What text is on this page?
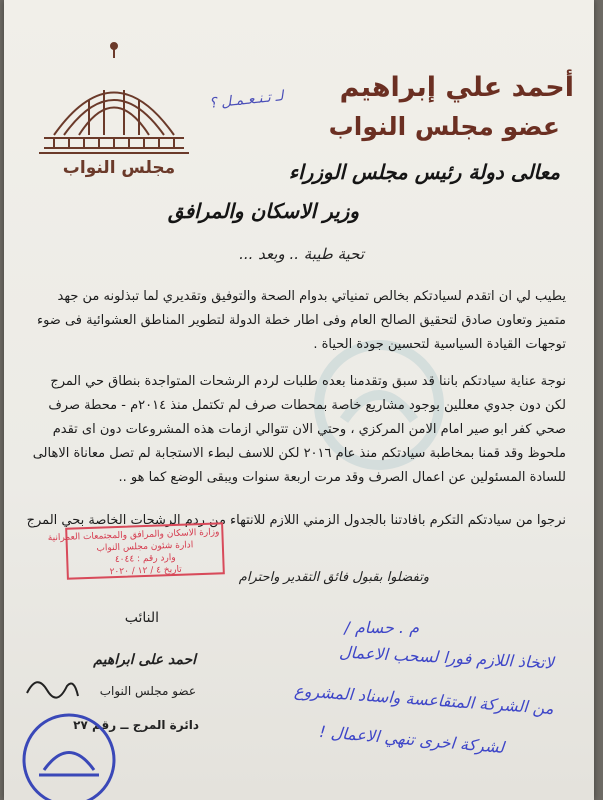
مجلس النواب
لـ تـنـعـمـل ؟ أحمد علي إبراهيم
عضو مجلس النواب
معالى دولة رئيس مجلس الوزراء
وزير الاسكان والمرافق
تحية طيبة .. وبعد ...
يطيب لي ان اتقدم لسيادتكم بخالص تمنياتي بدوام الصحة والتوفيق وتقديري لما تبذلونه من جهد متميز وتعاون صادق لتحقيق الصالح العام وفى اطار خطة الدولة لتطوير المناطق العشوائية فى ضوء توجهات القيادة السياسية لتحسين جودة الحياة .
نوجة عناية سيادتكم باننا قد سبق وتقدمنا بعده طلبات لردم الرشحات المتواجدة بنطاق حي المرج لكن دون جدوي معللين بوجود مشاريع خاصة بمحطات صرف لم تكتمل منذ ٢٠١٤م - محطة صرف صحي كفر ابو صير امام الامن المركزي ، وحتي الان تتوالي ازمات هذه المشروعات دون اى تقدم ملحوظ وقد قمنا بمخاطبة سيادتكم منذ عام ٢٠١٦ لكن للاسف لبطء الاستجابة لم تصل معاناة الاهالى للسادة المسئولين عن اعمال الصرف وقد مرت اربعة سنوات ويبقى الوضع كما هو ..
نرجوا من سيادتكم التكرم بافادتنا بالجدول الزمني اللازم للانتهاء من ردم الرشحات الخاصة بحي المرج
وزارة الاسكان والمرافق والمجتمعات العمرانية
ادارة شئون مجلس النواب
وارد رقم : ٤٠٤٤
تاريخ ٤ / ١٢ / ٢٠٢٠	وتفضلوا بقبول فائق التقدير واحترام
النائب
احمد على ابراهيم
عضو مجلس النواب
دائرة المرج ــ رقم ٢٧
م . حسام /
لاتخاذ اللازم فورا لسحب الاعمال
من الشركة المتقاعسة واسناد المشروع
لشركة اخرى تنهي الاعمال !
